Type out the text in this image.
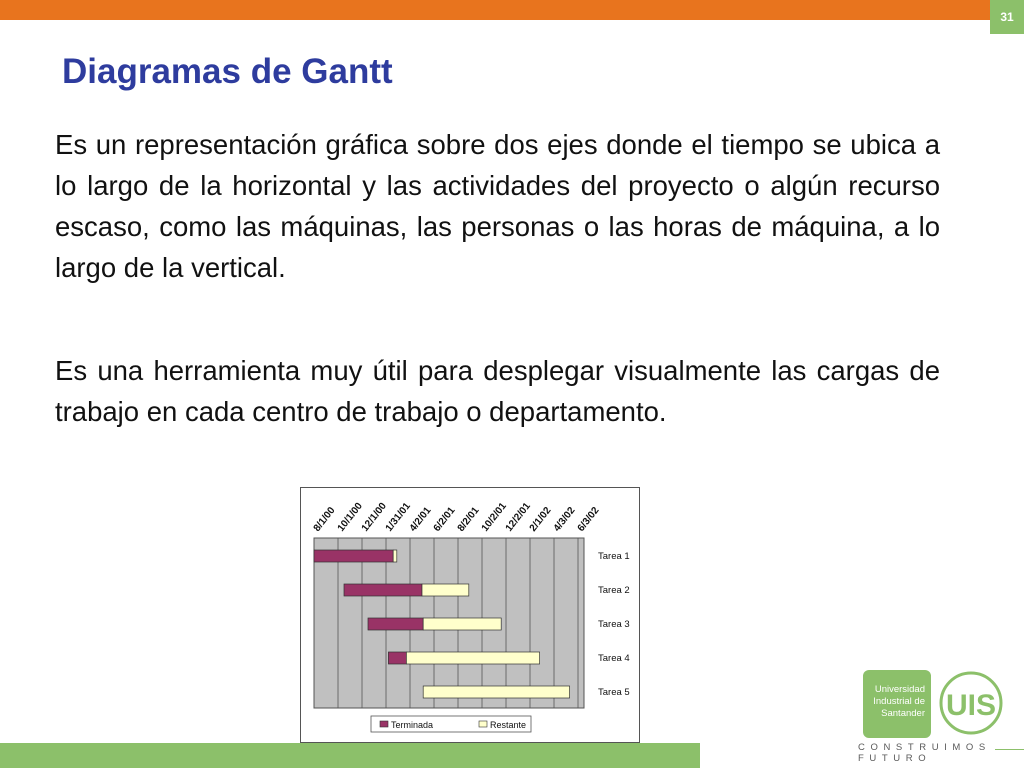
31
Diagramas de Gantt

Es un representación gráfica sobre dos ejes donde el tiempo se ubica a lo largo de la horizontal y las actividades del proyecto o algún recurso escaso, como las máquinas, las personas o las horas de máquina, a lo largo de la vertical.

Es una herramienta muy útil para desplegar visualmente las cargas de trabajo en cada centro de trabajo o departamento.

8/1/00
10/1/00
12/1/00
1/31/01
4/2/01
6/2/01
8/2/01
10/2/01
12/2/01
2/1/02
4/3/02
6/3/02
Tarea 1
Tarea 2
Tarea 3
Tarea 4
Tarea 5
Terminada	Restante
Universidad
Industrial de
Santander UIS
CONSTRUIMOS FUTURO
